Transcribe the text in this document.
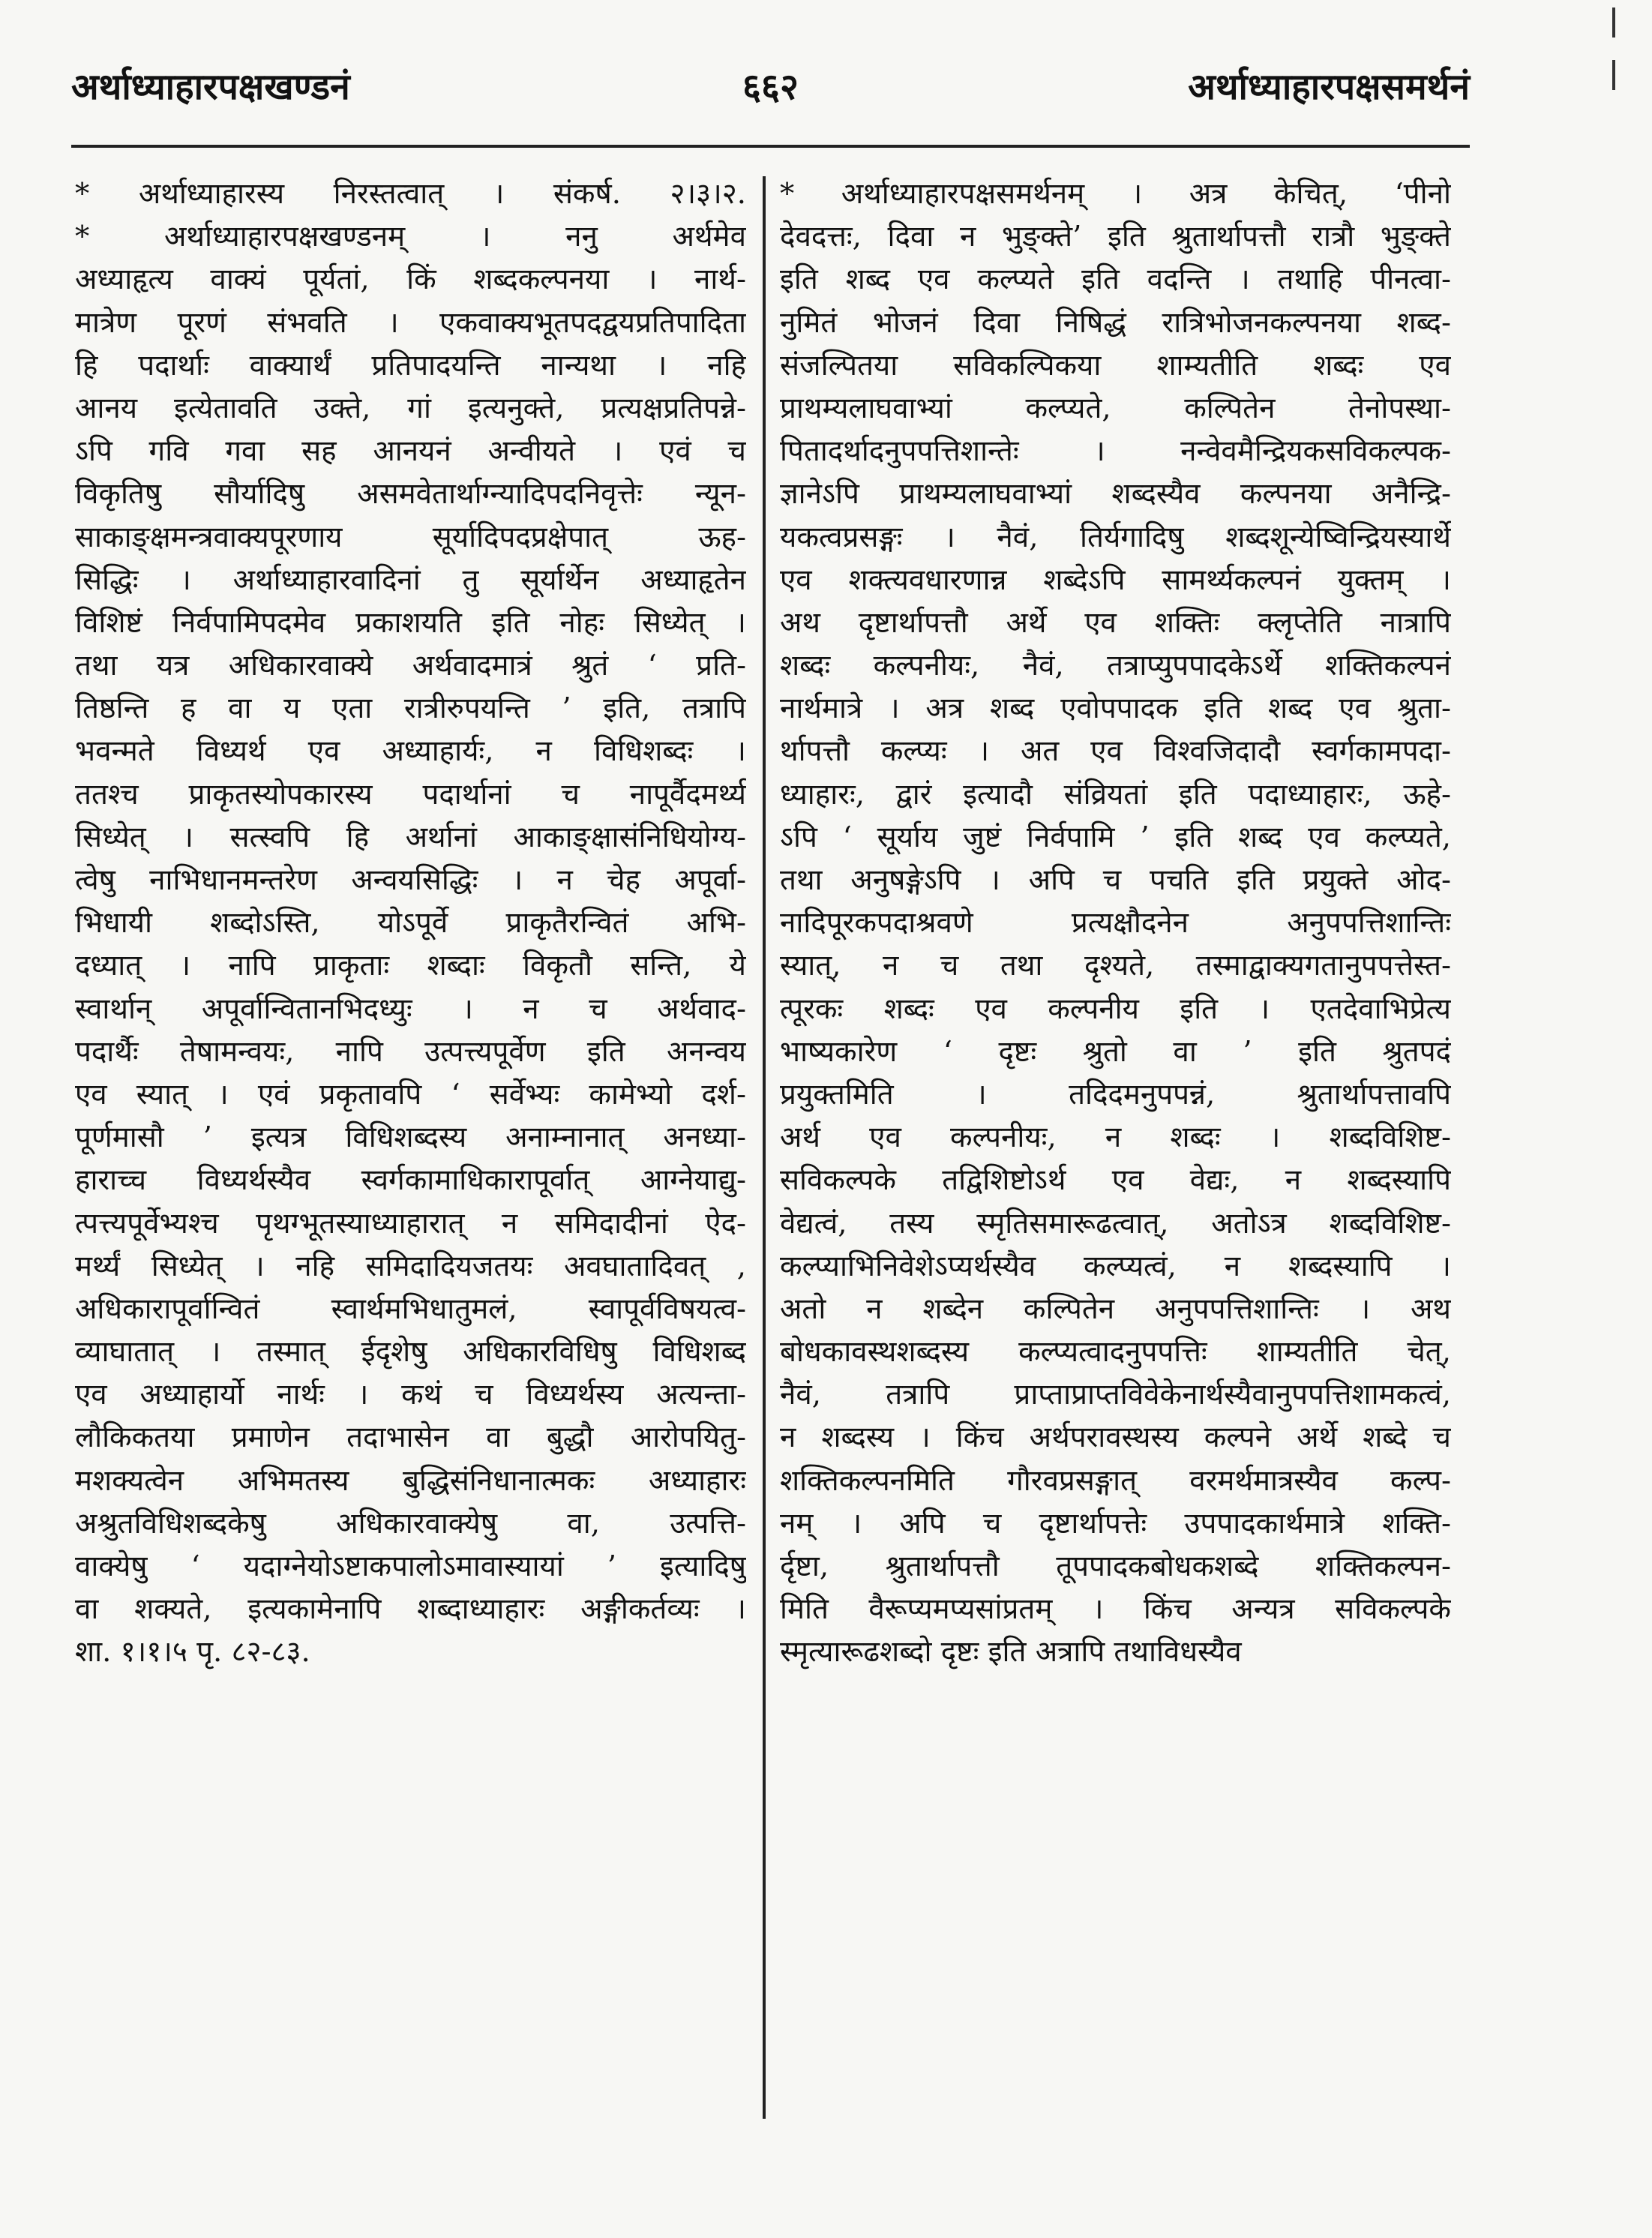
अर्थाध्याहारपक्षखण्डनं	६६२	अर्थाध्याहारपक्षसमर्थनं
* अर्थाध्याहारस्य निरस्तत्वात् । संकर्ष. २।३।२.
* अर्थाध्याहारपक्षखण्डनम् । ननु अर्थमेव
अध्याहृत्य वाक्यं पूर्यतां, किं शब्दकल्पनया । नार्थ-
मात्रेण पूरणं संभवति । एकवाक्यभूतपदद्वयप्रतिपादिता
हि पदार्थाः वाक्यार्थं प्रतिपादयन्ति नान्यथा । नहि
आनय इत्येतावति उक्ते, गां इत्यनुक्ते, प्रत्यक्षप्रतिपन्ने-
ऽपि गवि गवा सह आनयनं अन्वीयते । एवं च
विकृतिषु सौर्यादिषु असमवेतार्थाग्न्यादिपदनिवृत्तेः न्यून-
साकाङ्क्षमन्त्रवाक्यपूरणाय सूर्यादिपदप्रक्षेपात् ऊह-
सिद्धिः । अर्थाध्याहारवादिनां तु सूर्यार्थेन अध्याहृतेन
विशिष्टं निर्वपामिपदमेव प्रकाशयति इति नोहः सिध्येत् ।
तथा यत्र अधिकारवाक्ये अर्थवादमात्रं श्रुतं ‘ प्रति-
तिष्ठन्ति ह वा य एता रात्रीरुपयन्ति ’ इति, तत्रापि
भवन्मते विध्यर्थ एव अध्याहार्यः, न विधिशब्दः ।
ततश्च प्राकृतस्योपकारस्य पदार्थानां च नापूर्वैदमर्थ्य
सिध्येत् । सत्स्वपि हि अर्थानां आकाङ्क्षासंनिधियोग्य-
त्वेषु नाभिधानमन्तरेण अन्वयसिद्धिः । न चेह अपूर्वा-
भिधायी शब्दोऽस्ति, योऽपूर्वे प्राकृतैरन्वितं अभि-
दध्यात् । नापि प्राकृताः शब्दाः विकृतौ सन्ति, ये
स्वार्थान् अपूर्वान्वितानभिदध्युः । न च अर्थवाद-
पदार्थैः तेषामन्वयः, नापि उत्पत्त्यपूर्वेण इति अनन्वय
एव स्यात् । एवं प्रकृतावपि ‘ सर्वेभ्यः कामेभ्यो दर्श-
पूर्णमासौ ’ इत्यत्र विधिशब्दस्य अनाम्नानात् अनध्या-
हाराच्च विध्यर्थस्यैव स्वर्गकामाधिकारापूर्वात् आग्नेयाद्यु-
त्पत्त्यपूर्वेभ्यश्च पृथग्भूतस्याध्याहारात् न समिदादीनां ऐद-
मर्थ्यं सिध्येत् । नहि समिदादियजतयः अवघातादिवत् ,
अधिकारापूर्वान्वितं स्वार्थमभिधातुमलं, स्वापूर्वविषयत्व-
व्याघातात् । तस्मात् ईदृशेषु अधिकारविधिषु विधिशब्द
एव अध्याहार्यो नार्थः । कथं च विध्यर्थस्य अत्यन्ता-
लौकिकतया प्रमाणेन तदाभासेन वा बुद्धौ आरोपयितु-
मशक्यत्वेन अभिमतस्य बुद्धिसंनिधानात्मकः अध्याहारः
अश्रुतविधिशब्दकेषु अधिकारवाक्येषु वा, उत्पत्ति-
वाक्येषु ‘ यदाग्नेयोऽष्टाकपालोऽमावास्यायां ’ इत्यादिषु
वा शक्यते, इत्यकामेनापि शब्दाध्याहारः अङ्गीकर्तव्यः ।
शा. १।१।५ पृ. ८२-८३.
* अर्थाध्याहारपक्षसमर्थनम् । अत्र केचित्, ‘पीनो
देवदत्तः, दिवा न भुङ्क्ते’ इति श्रुतार्थापत्तौ रात्रौ भुङ्क्ते
इति शब्द एव कल्प्यते इति वदन्ति । तथाहि पीनत्वा-
नुमितं भोजनं दिवा निषिद्धं रात्रिभोजनकल्पनया शब्द-
संजल्पितया सविकल्पिकया शाम्यतीति शब्दः एव
प्राथम्यलाघवाभ्यां कल्प्यते, कल्पितेन तेनोपस्था-
पितादर्थादनुपपत्तिशान्तेः । नन्वेवमैन्द्रियकसविकल्पक-
ज्ञानेऽपि प्राथम्यलाघवाभ्यां शब्दस्यैव कल्पनया अनैन्द्रि-
यकत्वप्रसङ्गः । नैवं, तिर्यगादिषु शब्दशून्येष्विन्द्रियस्यार्थे
एव शक्त्यवधारणान्न शब्देऽपि सामर्थ्यकल्पनं युक्तम् ।
अथ दृष्टार्थापत्तौ अर्थे एव शक्तिः क्लृप्तेति नात्रापि
शब्दः कल्पनीयः, नैवं, तत्राप्युपपादकेऽर्थे शक्तिकल्पनं
नार्थमात्रे । अत्र शब्द एवोपपादक इति शब्द एव श्रुता-
र्थापत्तौ कल्प्यः । अत एव विश्वजिदादौ स्वर्गकामपदा-
ध्याहारः, द्वारं इत्यादौ संव्रियतां इति पदाध्याहारः, ऊहे-
ऽपि ‘ सूर्याय जुष्टं निर्वपामि ’ इति शब्द एव कल्प्यते,
तथा अनुषङ्गेऽपि । अपि च पचति इति प्रयुक्ते ओद-
नादिपूरकपदाश्रवणे प्रत्यक्षौदनेन अनुपपत्तिशान्तिः
स्यात्, न च तथा दृश्यते, तस्माद्वाक्यगतानुपपत्तेस्त-
त्पूरकः शब्दः एव कल्पनीय इति । एतदेवाभिप्रेत्य
भाष्यकारेण ‘ दृष्टः श्रुतो वा ’ इति श्रुतपदं
प्रयुक्तमिति । तदिदमनुपपन्नं, श्रुतार्थापत्तावपि
अर्थ एव कल्पनीयः, न शब्दः । शब्दविशिष्ट-
सविकल्पके तद्विशिष्टोऽर्थ एव वेद्यः, न शब्दस्यापि
वेद्यत्वं, तस्य स्मृतिसमारूढत्वात्, अतोऽत्र शब्दविशिष्ट-
कल्प्याभिनिवेशेऽप्यर्थस्यैव कल्प्यत्वं, न शब्दस्यापि ।
अतो न शब्देन कल्पितेन अनुपपत्तिशान्तिः । अथ
बोधकावस्थशब्दस्य कल्प्यत्वादनुपपत्तिः शाम्यतीति चेत्,
नैवं, तत्रापि प्राप्ताप्राप्तविवेकेनार्थस्यैवानुपपत्तिशामकत्वं,
न शब्दस्य । किंच अर्थपरावस्थस्य कल्पने अर्थे शब्दे च
शक्तिकल्पनमिति गौरवप्रसङ्गात् वरमर्थमात्रस्यैव कल्प-
नम् । अपि च दृष्टार्थापत्तेः उपपादकार्थमात्रे शक्ति-
र्दृष्टा, श्रुतार्थापत्तौ तूपपादकबोधकशब्दे शक्तिकल्पन-
मिति वैरूप्यमप्यसांप्रतम् । किंच अन्यत्र सविकल्पके
स्मृत्यारूढशब्दो दृष्टः इति अत्रापि तथाविधस्यैव
